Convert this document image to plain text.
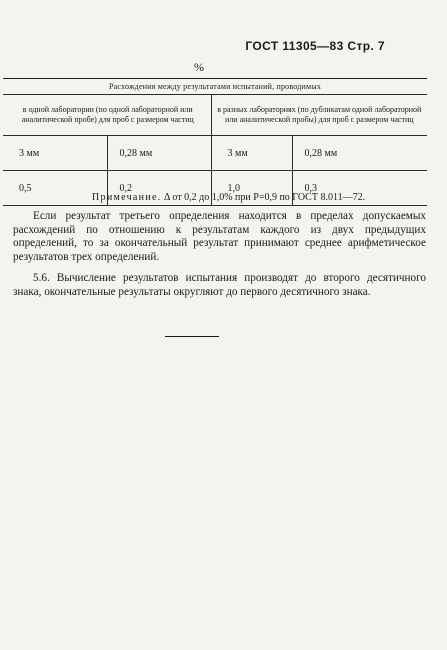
ГОСТ 11305—83 Стр. 7
%
Расхождения между результатами испытаний, проводимых			
в одной лаборатории (по одной лабораторной или аналитической пробе) для проб с размером частиц		в разных лабораториях (по дубликатам одной лабораторной или аналитической пробы) для проб с размером частиц	
3 мм	0,28 мм	3 мм	0,28 мм
0,5	0,2	1,0	0,3
Примечание. Δ от 0,2 до 1,0% при P=0,9 по ГОСТ 8.011—72.

Если результат третьего определения находится в пределах допускаемых расхождений по отношению к результатам каждого из двух предыдущих определений, то за окончательный результат принимают среднее арифметическое результатов трех определений.

5.6. Вычисление результатов испытания производят до второго десятичного знака, окончательные результаты округляют до первого десятичного знака.
